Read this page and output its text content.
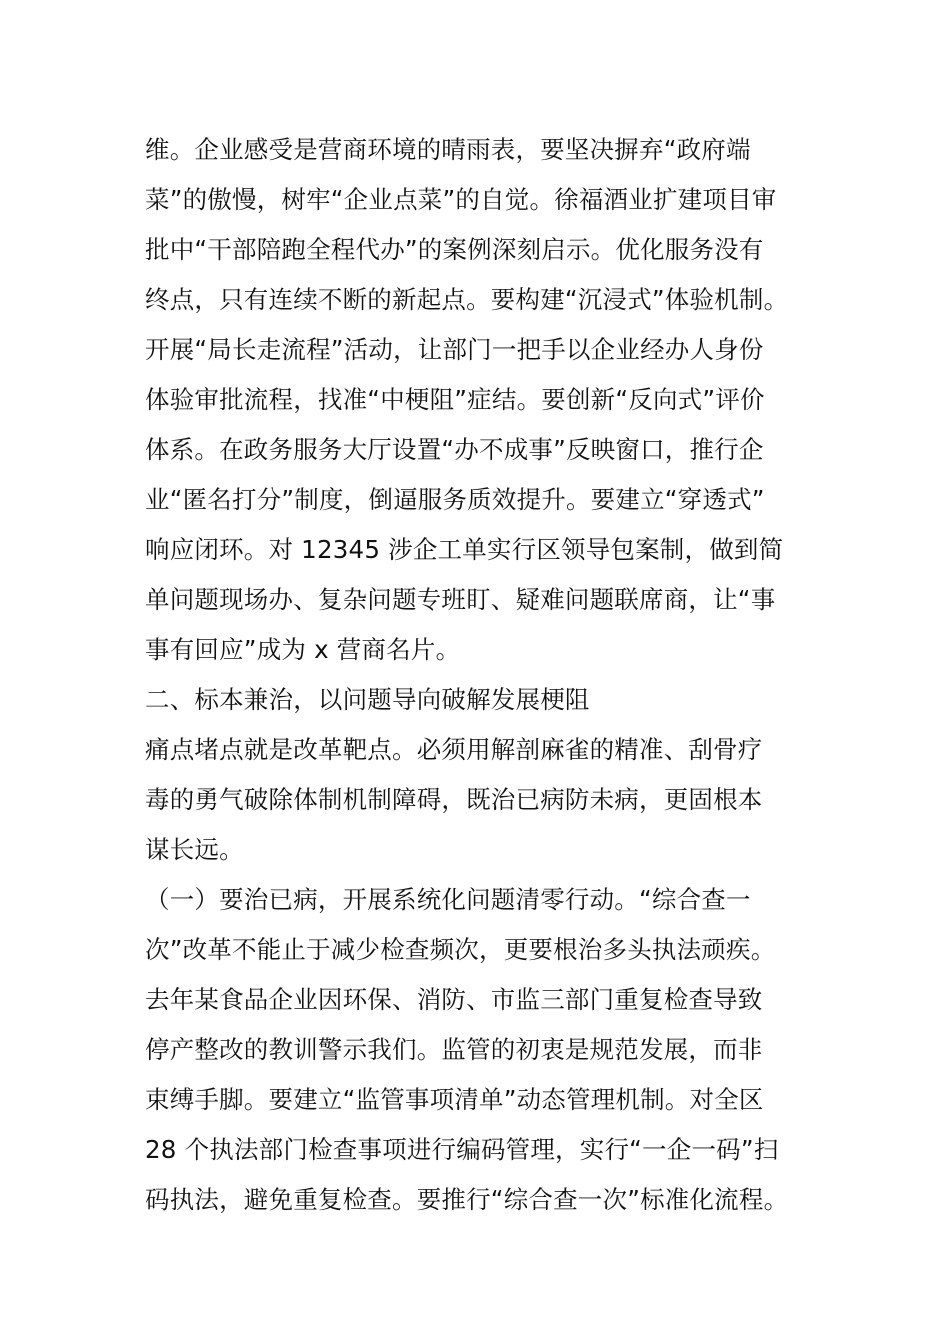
维。企业感受是营商环境的晴雨表，要坚决摒弃“政府端
菜”的傲慢，树牢“企业点菜”的自觉。徐福酒业扩建项目审
批中“干部陪跑全程代办”的案例深刻启示。优化服务没有
终点，只有连续不断的新起点。要构建“沉浸式”体验机制。
开展“局长走流程”活动，让部门一把手以企业经办人身份
体验审批流程，找准“中梗阻”症结。要创新“反向式”评价
体系。在政务服务大厅设置“办不成事”反映窗口，推行企
业“匿名打分”制度，倒逼服务质效提升。要建立“穿透式”
响应闭环。对 12345 涉企工单实行区领导包案制，做到简
单问题现场办、复杂问题专班盯、疑难问题联席商，让“事
事有回应”成为 x 营商名片。
二、标本兼治，以问题导向破解发展梗阻
痛点堵点就是改革靶点。必须用解剖麻雀的精准、刮骨疗
毒的勇气破除体制机制障碍，既治已病防未病，更固根本
谋长远。
（一）要治已病，开展系统化问题清零行动。“综合查一
次”改革不能止于减少检查频次，更要根治多头执法顽疾。
去年某食品企业因环保、消防、市监三部门重复检查导致
停产整改的教训警示我们。监管的初衷是规范发展，而非
束缚手脚。要建立“监管事项清单”动态管理机制。对全区
28 个执法部门检查事项进行编码管理，实行“一企一码”扫
码执法，避免重复检查。要推行“综合查一次”标准化流程。
